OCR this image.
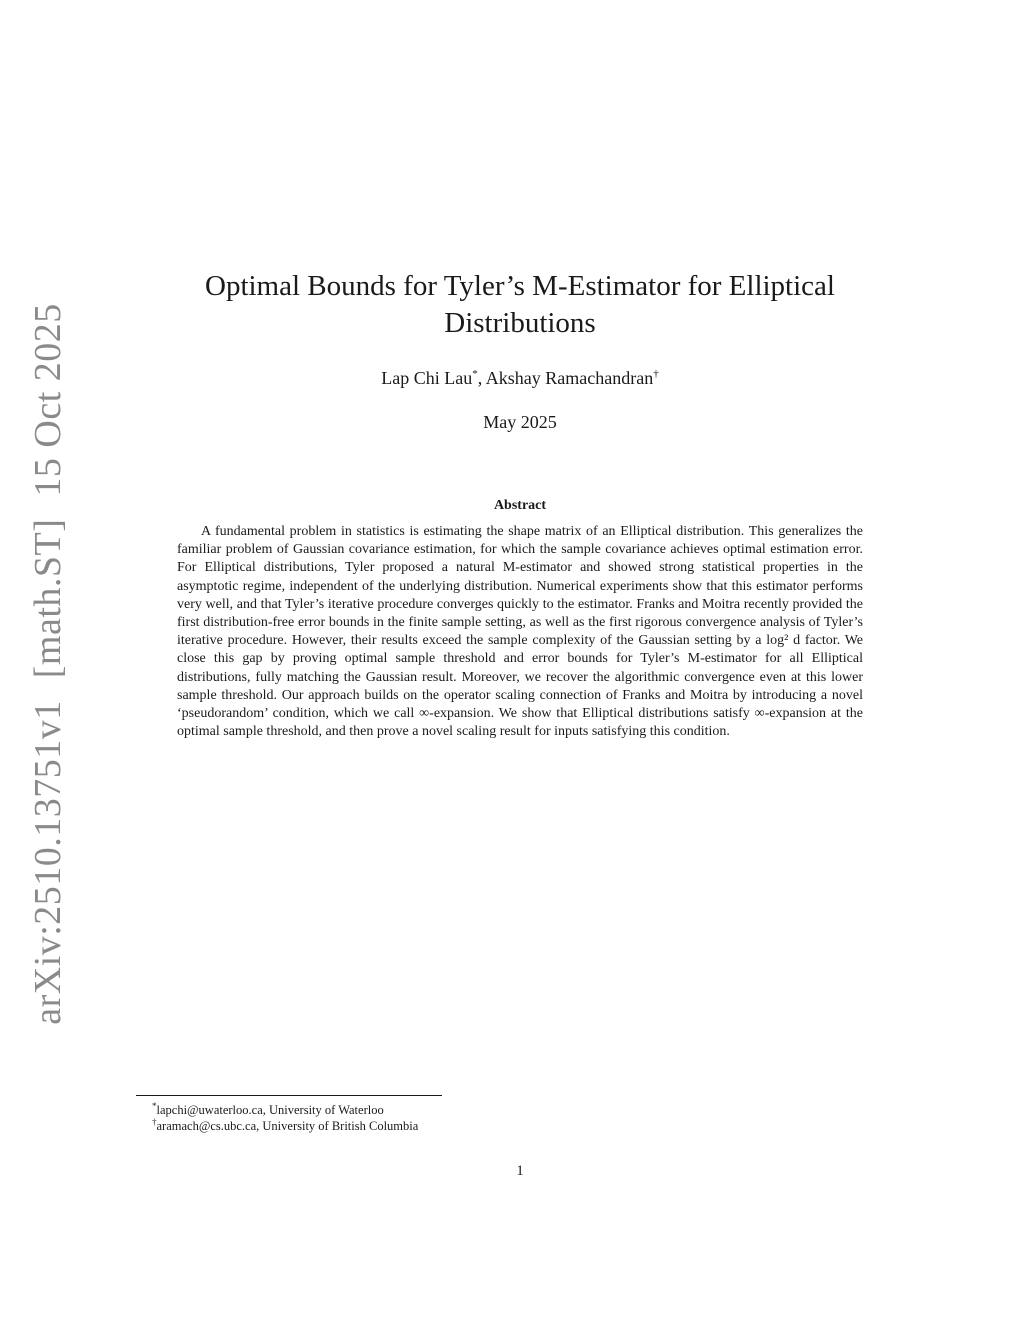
arXiv:2510.13751v1[math.ST]15 Oct 2025
Optimal Bounds for Tyler’s M-Estimator for Elliptical Distributions
Lap Chi Lau*, Akshay Ramachandran†
May 2025
Abstract

A fundamental problem in statistics is estimating the shape matrix of an Elliptical distribution. This generalizes the familiar problem of Gaussian covariance estimation, for which the sample covariance achieves optimal estimation error. For Elliptical distributions, Tyler proposed a natural M-estimator and showed strong statistical properties in the asymptotic regime, independent of the underlying distribution. Numerical experiments show that this estimator performs very well, and that Tyler’s iterative procedure converges quickly to the estimator. Franks and Moitra recently provided the first distribution-free error bounds in the finite sample setting, as well as the first rigorous convergence analysis of Tyler’s iterative procedure. However, their results exceed the sample complexity of the Gaussian setting by a log² d factor. We close this gap by proving optimal sample threshold and error bounds for Tyler’s M-estimator for all Elliptical distributions, fully matching the Gaussian result. Moreover, we recover the algorithmic convergence even at this lower sample threshold. Our approach builds on the operator scaling connection of Franks and Moitra by introducing a novel ‘pseudorandom’ condition, which we call ∞-expansion. We show that Elliptical distributions satisfy ∞-expansion at the optimal sample threshold, and then prove a novel scaling result for inputs satisfying this condition.

*lapchi@uwaterloo.ca, University of Waterloo
†aramach@cs.ubc.ca, University of British Columbia
1
